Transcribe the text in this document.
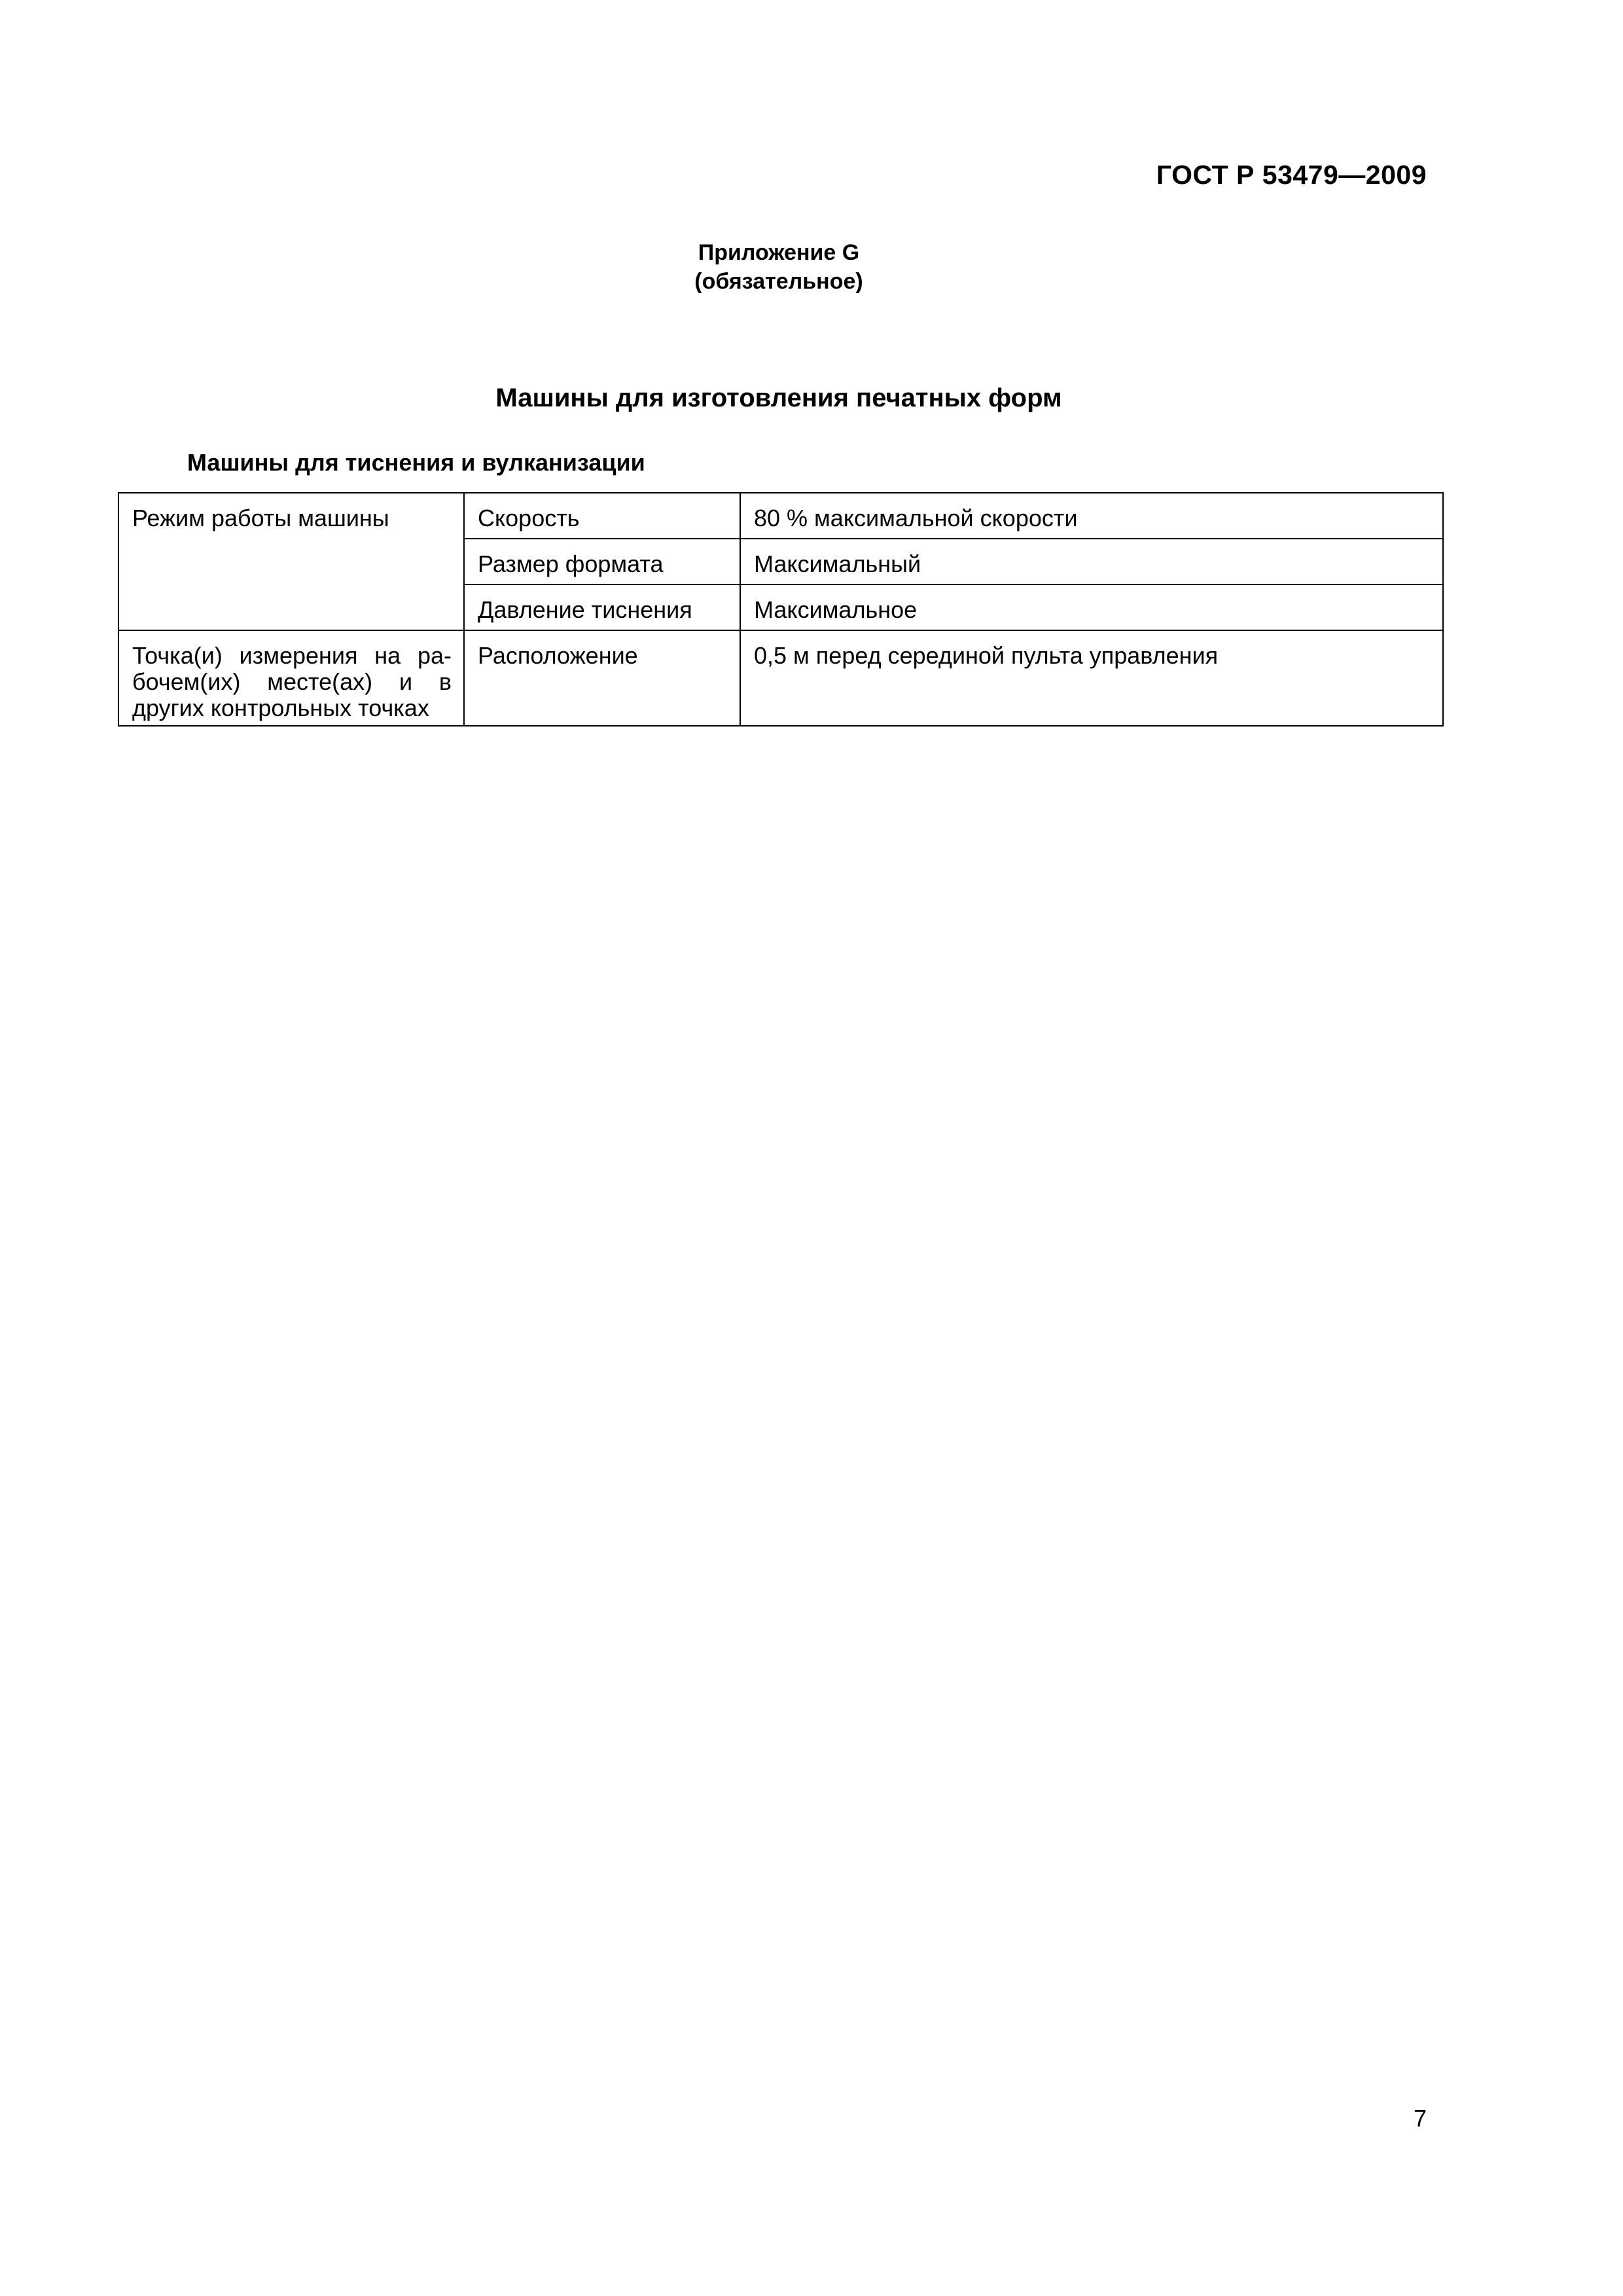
ГОСТ Р 53479—2009
Приложение G
(обязательное)
Машины для изготовления печатных форм
Машины для тиснения и вулканизации
Режим работы машины	Скорость	80 % максимальной скорости
	Размер формата	Максимальный
	Давление тиснения	Максимальное

Точка(и) измерения на ра-
бочем(их) месте(ах) и в
других контрольных точках	Расположение	0,5 м перед серединой пульта управления
7
